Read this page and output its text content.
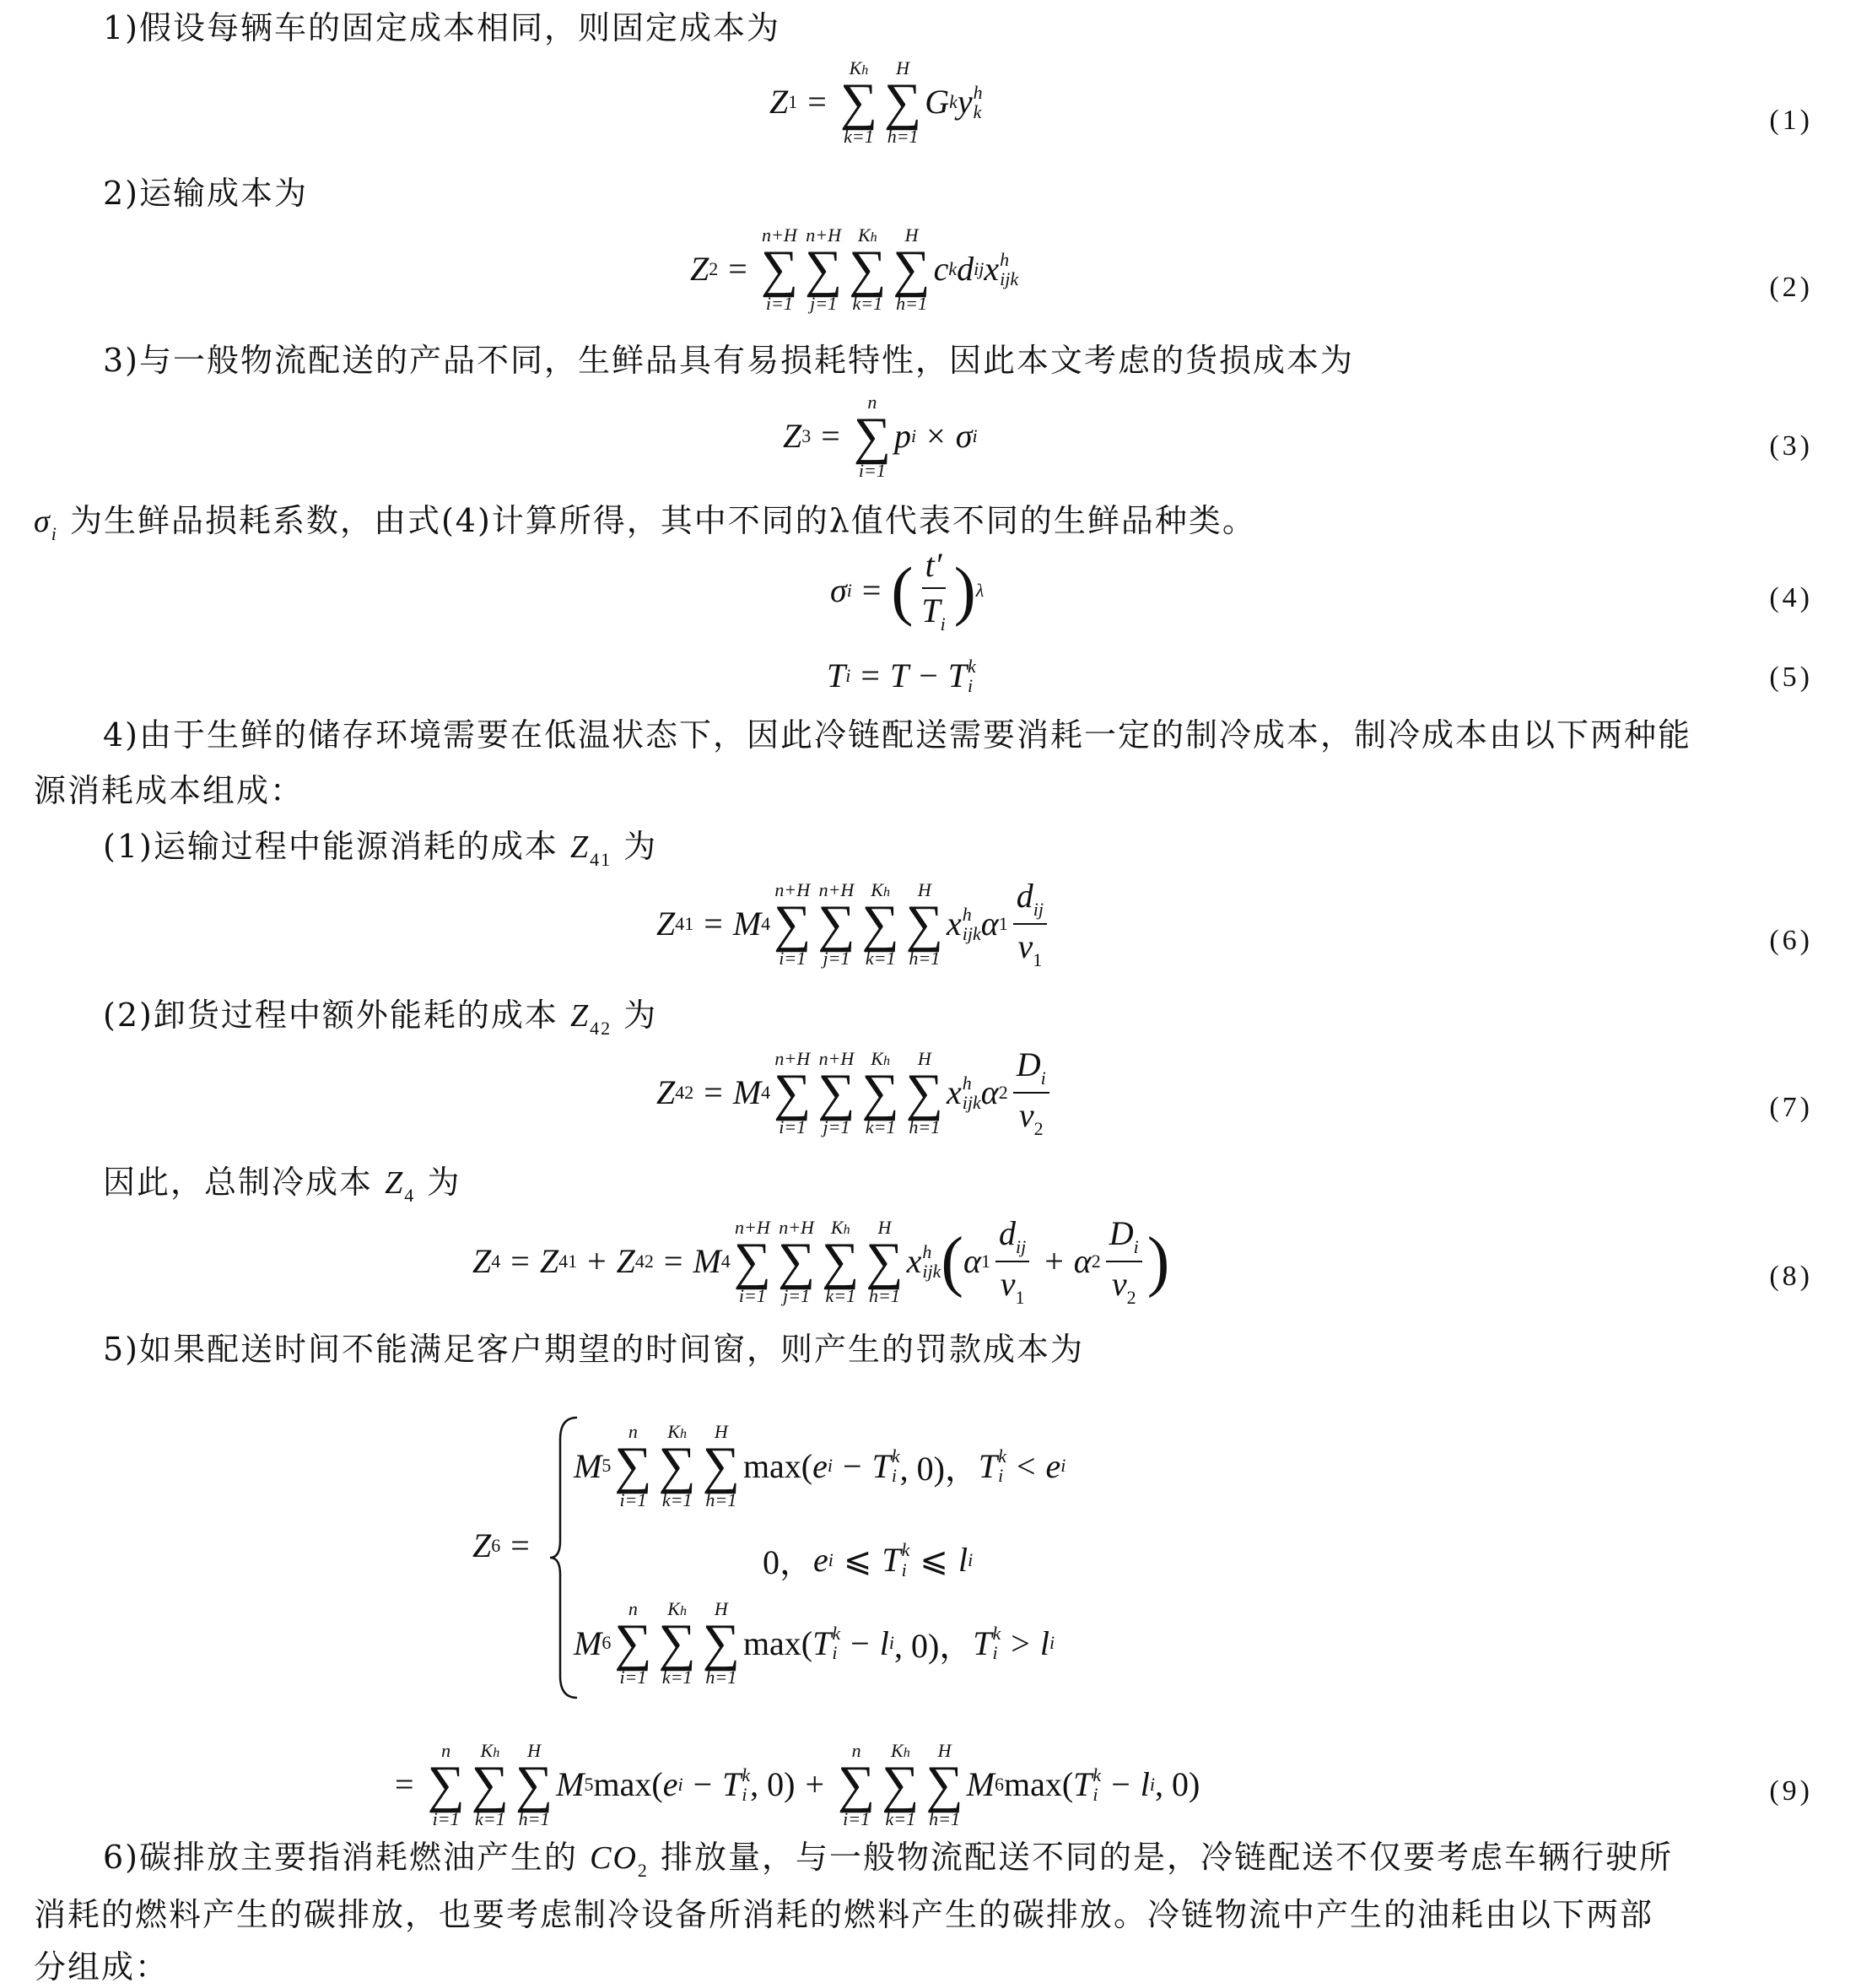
1)假设每辆车的固定成本相同，则固定成本为
Z 1 =
Kh
∑
k=1
H
∑
h=1
G k y h
k	(1)
2)运输成本为
Z 2 =
n+H
∑
i=1
n+H
∑
j=1
Kh
∑
k=1
H
∑
h=1
c k d ij x h
ijk	(2)
3)与一般物流配送的产品不同，生鲜品具有易损耗特性，因此本文考虑的货损成本为
Z 3 =
n
∑
i=1
p i × σ i	(3)
$\sigma_i$ 为生鲜品损耗系数，由式(4)计算所得，其中不同的λ值代表不同的生鲜品种类。
σ i = ( $\frac{t'}{T_i}$ ) λ	(4)
T i = T − T k
i	(5)
4)由于生鲜的储存环境需要在低温状态下，因此冷链配送需要消耗一定的制冷成本，制冷成本由以下两种能
源消耗成本组成：
(1)运输过程中能源消耗的成本 $Z_{41}$ 为
Z 41 = M 4
n+H
∑
i=1
n+H
∑
j=1
Kh
∑
k=1
H
∑
h=1
x h
ijk α $1 \frac{d_{ij}}{v_1}$	(6)
(2)卸货过程中额外能耗的成本 $Z_{42}$ 为
Z 42 = M 4
n+H
∑
i=1
n+H
∑
j=1
Kh
∑
k=1
H
∑
h=1
x h
ijk α $2 \frac{D_i}{v_2}$	(7)
因此，总制冷成本 $Z_4$ 为
Z 4 = Z 41 + Z 42 = M 4
n+H
∑
i=1
n+H
∑
j=1
Kh
∑
k=1
H
∑
h=1
x h
ijk ( α $1 \frac{d_{ij}}{v_1} + \alpha$ $2 \frac{D_i}{v_2}$ )	(8)
5)如果配送时间不能满足客户期望的时间窗，则产生的罚款成本为
Z 6 =
M 5
n
∑
i=1
Kh
∑
k=1
H
∑
h=1
max( e i − T k
i , 0)， T k
i < e i
0， e i ⩽ T k
i ⩽ l i
M 6
n
∑
i=1
Kh
∑
k=1
H
∑
h=1
max( T k
i − l i , 0)， T k
i > l i
=
n
∑
i=1
Kh
∑
k=1
H
∑
h=1
M 5 max( e i − T k
i , 0) +
n
∑
i=1
Kh
∑
k=1
H
∑
h=1
M 6 max( T k
i − l i , 0)	(9)
6)碳排放主要指消耗燃油产生的 $CO_2$ 排放量，与一般物流配送不同的是，冷链配送不仅要考虑车辆行驶所
消耗的燃料产生的碳排放，也要考虑制冷设备所消耗的燃料产生的碳排放。冷链物流中产生的油耗由以下两部
分组成：
